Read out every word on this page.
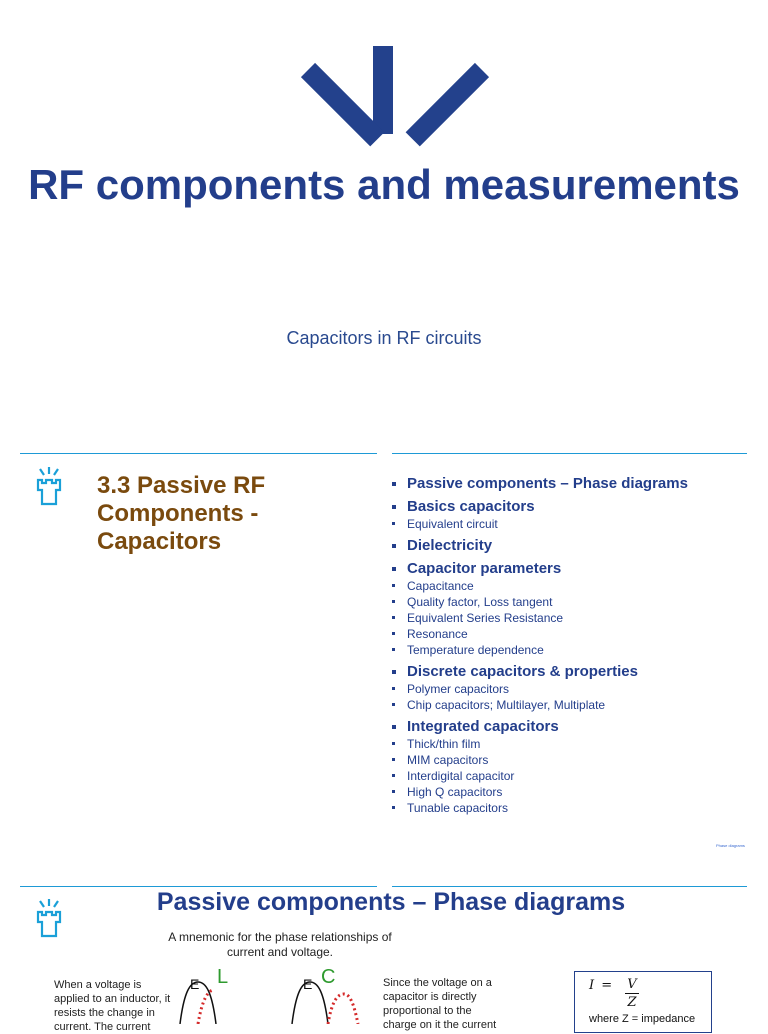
RF components and measurements
Capacitors in RF circuits
3.3 Passive RF Components - Capacitors
Passive components – Phase diagrams
Basics capacitors
Equivalent circuit
Dielectricity
Capacitor parameters
Capacitance
Quality factor, Loss tangent
Equivalent Series Resistance
Resonance
Temperature dependence
Discrete capacitors & properties
Polymer capacitors
Chip capacitors; Multilayer, Multiplate
Integrated capacitors
Thick/thin film
MIM capacitors
Interdigital capacitor
High Q capacitors
Tunable capacitors
Phase diagrams
Passive components – Phase diagrams
A mnemonic for the phase relationships of current and voltage.
When a voltage is applied to an inductor, it resists the change in current. The current
Since the voltage on a capacitor is directly proportional to the charge on it the current
E L	E C	I = V
Z
where Z = impedance
